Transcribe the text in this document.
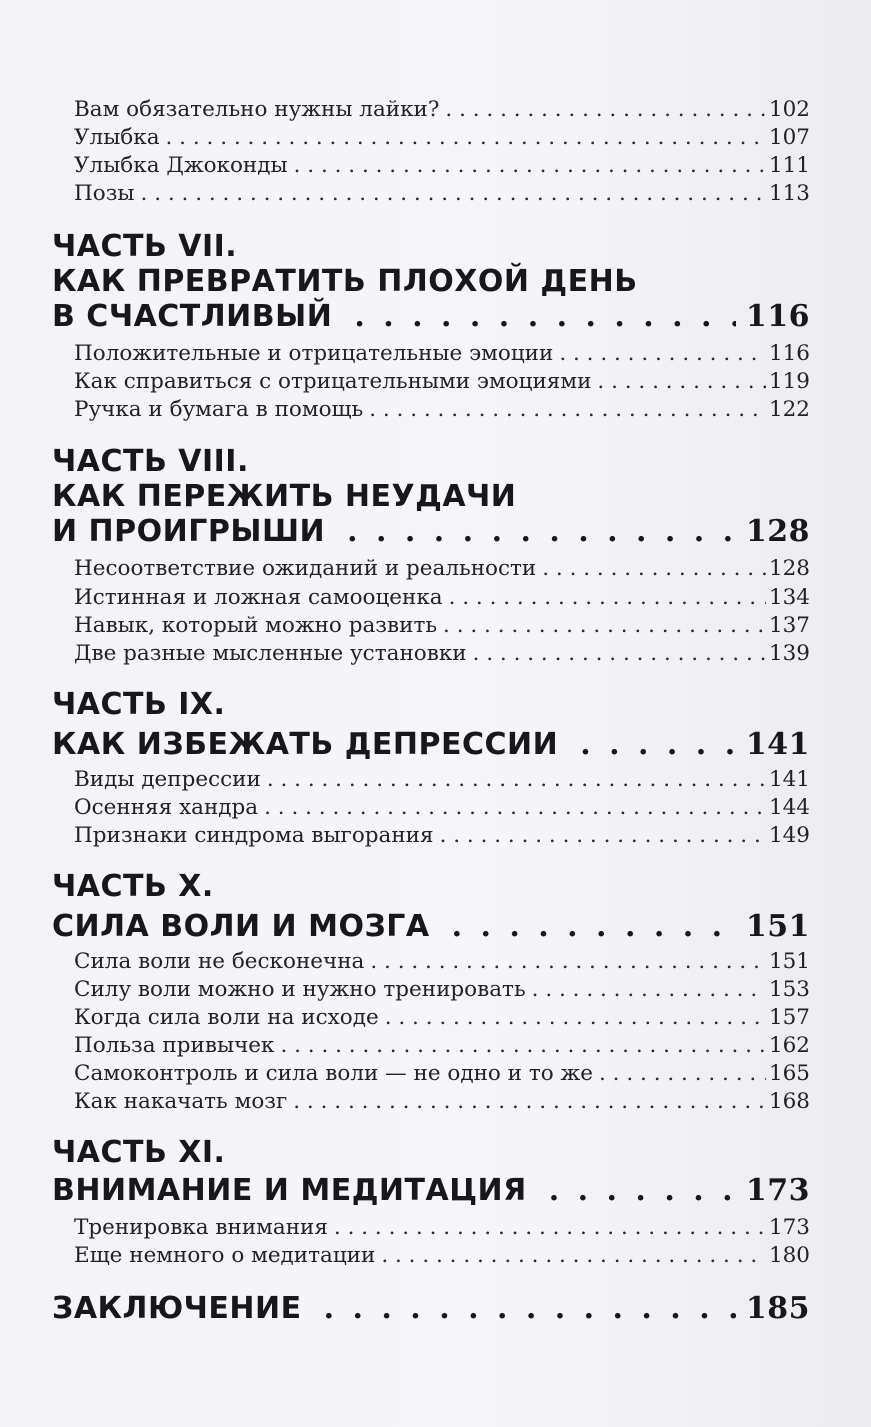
Вам обязательно нужны лайки? . . .	102
Улыбка . . .	107
Улыбка Джоконды . . .	111
Позы . . .	113
ЧАСТЬ VII.
КАК ПРЕВРАТИТЬ ПЛОХОЙ ДЕНЬ
В СЧАСТЛИВЫЙ . . .	116
Положительные и отрицательные эмоции . . .	116
Как справиться с отрицательными эмоциями . . .	119
Ручка и бумага в помощь . . .	122
ЧАСТЬ VIII.
КАК ПЕРЕЖИТЬ НЕУДАЧИ
И ПРОИГРЫШИ . . .	128
Несоответствие ожиданий и реальности . . .	128
Истинная и ложная самооценка . . .	134
Навык, который можно развить . . .	137
Две разные мысленные установки . . .	139
ЧАСТЬ IX.
КАК ИЗБЕЖАТЬ ДЕПРЕССИИ . . .	141
Виды депрессии . . .	141
Осенняя хандра . . .	144
Признаки синдрома выгорания . . .	149
ЧАСТЬ X.
СИЛА ВОЛИ И МОЗГА . . .	151
Сила воли не бесконечна . . .	151
Силу воли можно и нужно тренировать . . .	153
Когда сила воли на исходе . . .	157
Польза привычек . . .	162
Самоконтроль и сила воли — не одно и то же . . .	165
Как накачать мозг . . .	168
ЧАСТЬ XI.
ВНИМАНИЕ И МЕДИТАЦИЯ . . .	173
Тренировка внимания . . .	173
Еще немного о медитации . . .	180
ЗАКЛЮЧЕНИЕ . . .	185
